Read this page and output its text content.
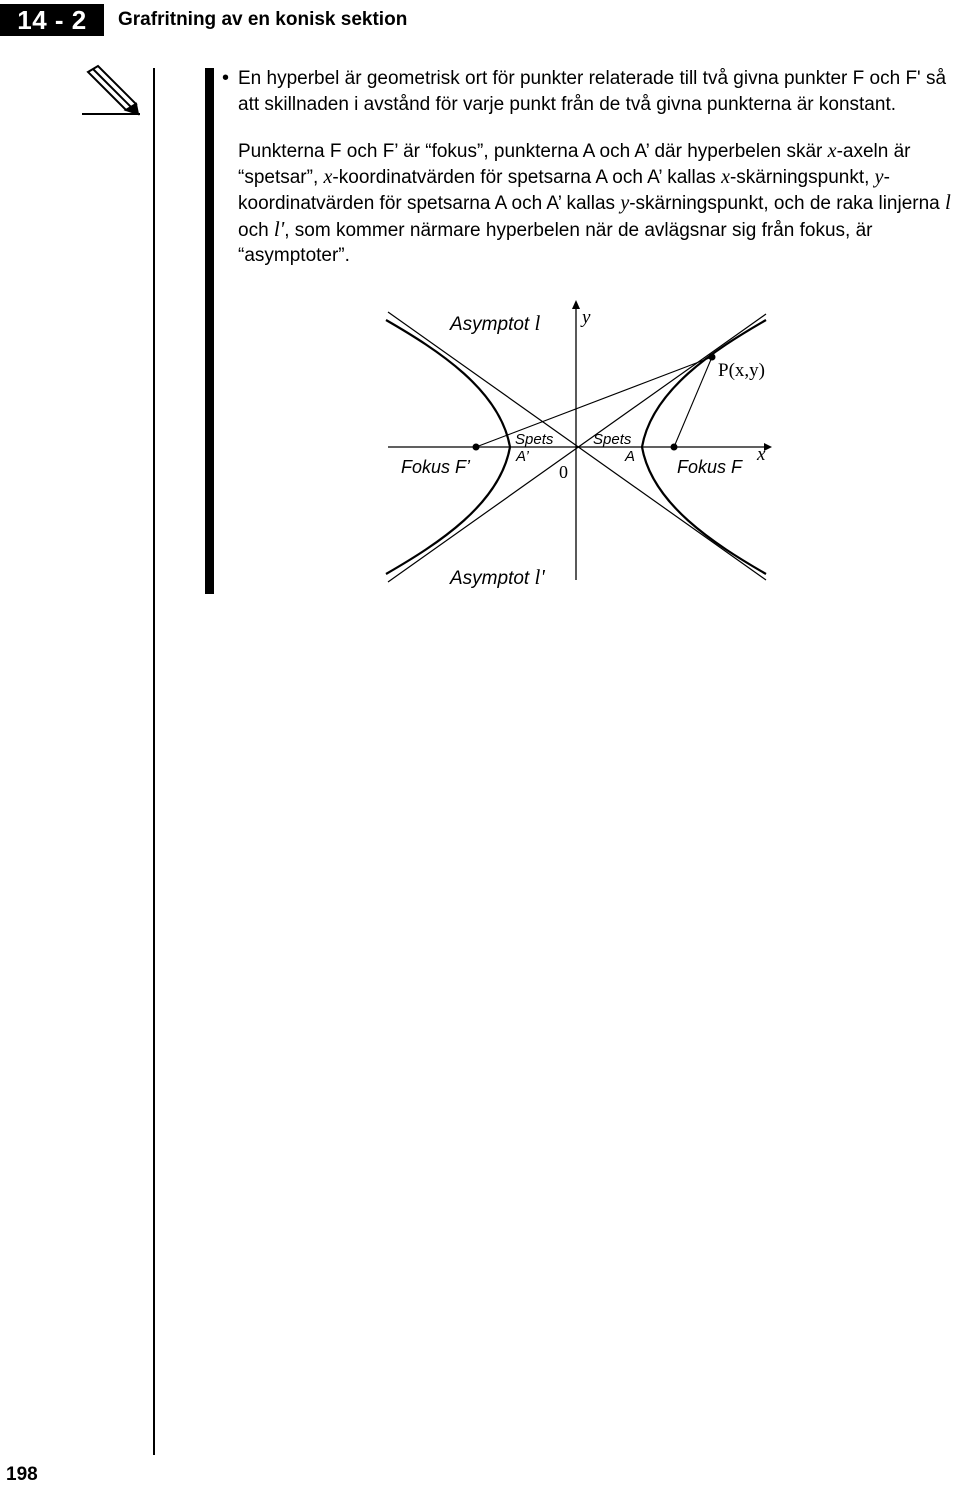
14 - 2	Grafritning av en konisk sektion
• En hyperbel är geometrisk ort för punkter relaterade till två givna punkter F och F' så att skillnaden i avstånd för varje punkt från de två givna punkterna är konstant.
Punkterna F och F’ är “fokus”, punkterna A och A’ där hyperbelen skär x-axeln är “spetsar”, x-koordinatvärden för spetsarna A och A’ kallas x-skärningspunkt, y-koordinatvärden för spetsarna A och A’ kallas y-skärningspunkt, och de raka linjerna l och l', som kommer närmare hyperbelen när de avlägsnar sig från fokus, är “asymptoter”.
Asymptot l y
P(x,y)
Spets
A’
Spets
A
0
Fokus F’	Fokus F
x
Asymptot l'
198
